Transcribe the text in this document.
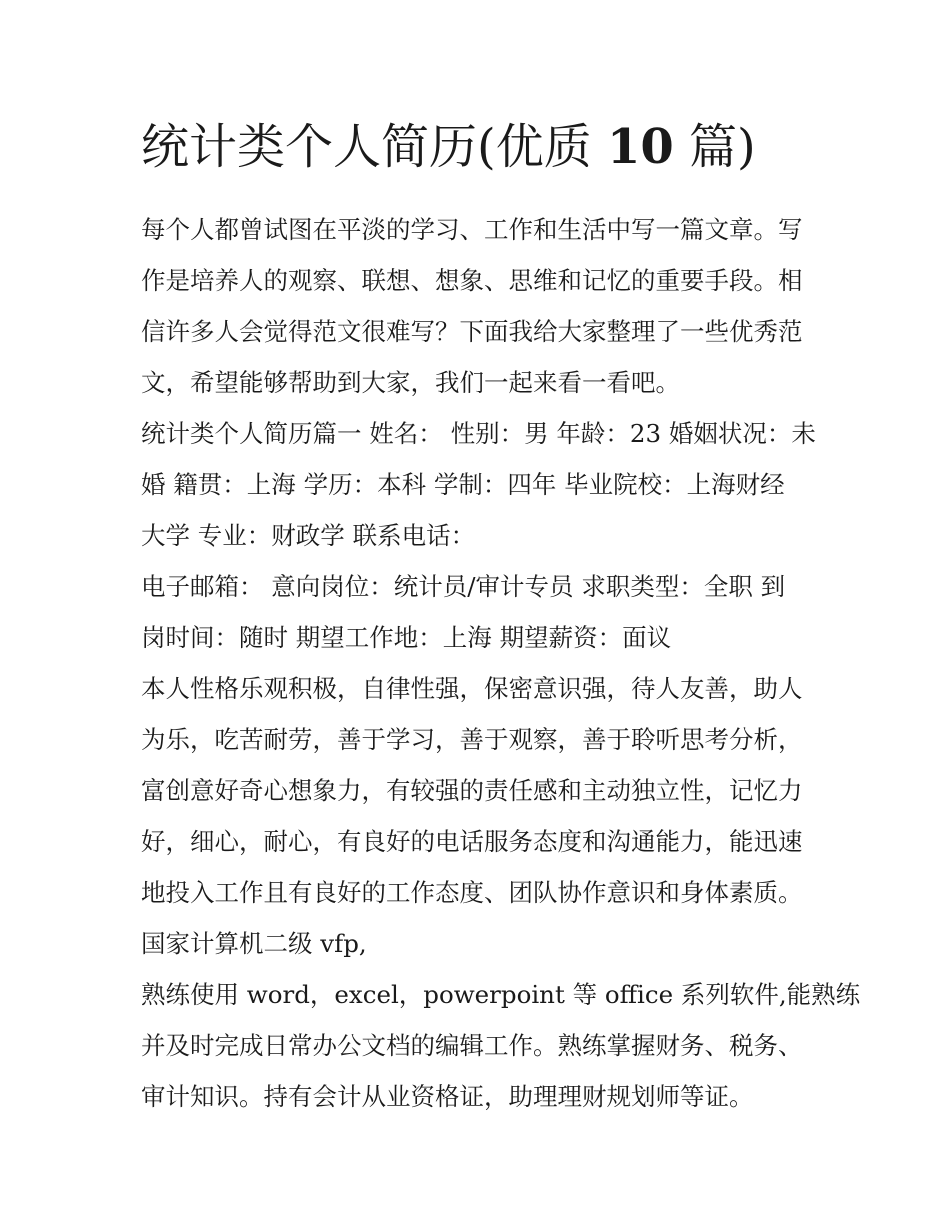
统计类个人简历(优质 10 篇)

每个人都曾试图在平淡的学习、工作和生活中写一篇文章。写

作是培养人的观察、联想、想象、思维和记忆的重要手段。相

信许多人会觉得范文很难写？下面我给大家整理了一些优秀范

文，希望能够帮助到大家，我们一起来看一看吧。

统计类个人简历篇一 姓名： 性别：男 年龄：23 婚姻状况：未

婚 籍贯：上海 学历：本科 学制：四年 毕业院校：上海财经

大学 专业：财政学 联系电话：

电子邮箱： 意向岗位：统计员/审计专员 求职类型：全职 到

岗时间：随时 期望工作地：上海 期望薪资：面议

本人性格乐观积极，自律性强，保密意识强，待人友善，助人

为乐，吃苦耐劳，善于学习，善于观察，善于聆听思考分析，

富创意好奇心想象力，有较强的责任感和主动独立性，记忆力

好，细心，耐心，有良好的电话服务态度和沟通能力，能迅速

地投入工作且有良好的工作态度、团队协作意识和身体素质。

国家计算机二级 vfp,

熟练使用 word，excel，powerpoint 等 office 系列软件,能熟练

并及时完成日常办公文档的编辑工作。熟练掌握财务、税务、

审计知识。持有会计从业资格证，助理理财规划师等证。
